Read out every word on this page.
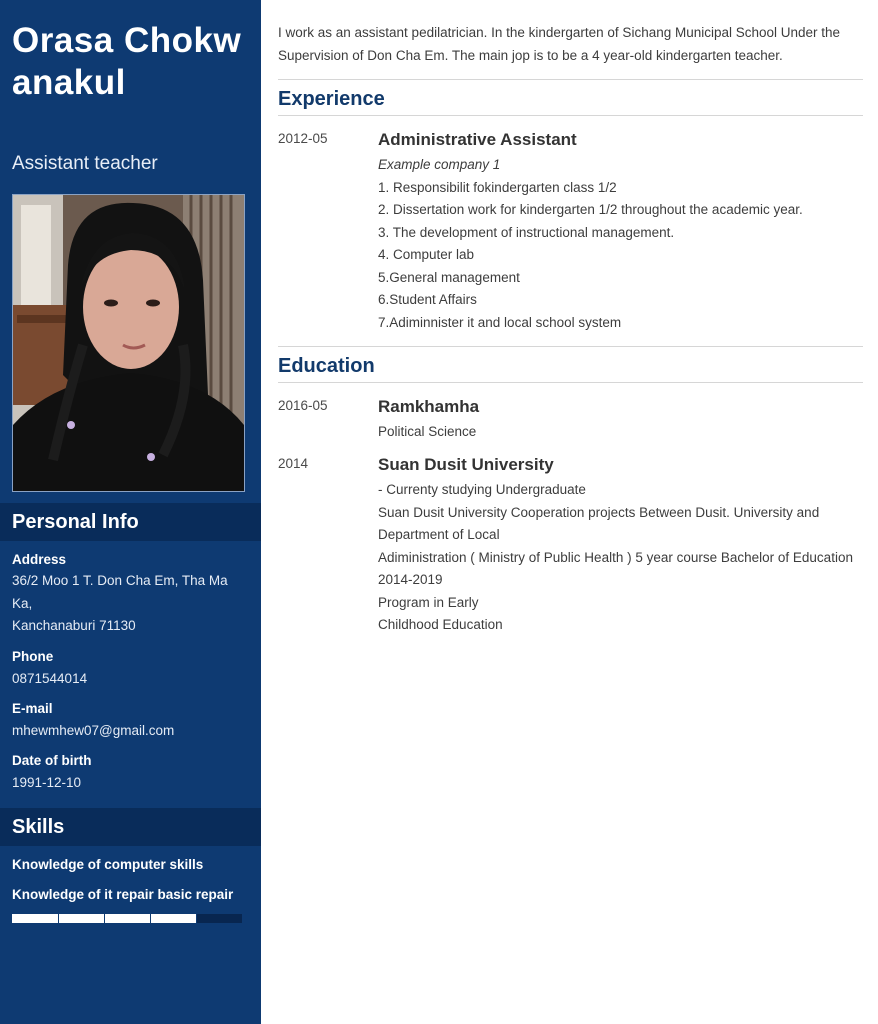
Orasa Chokwanakul
Assistant teacher
Personal Info
Address
36/2 Moo 1 T. Don Cha Em, Tha Ma
Ka,
Kanchanaburi 71130
Phone
0871544014
E-mail
mhewmhew07@gmail.com
Date of birth
1991-12-10
Skills
Knowledge of computer skills
Knowledge of it repair basic repair
I work as an assistant pedilatrician. In the kindergarten of Sichang Municipal School Under the Supervision of Don Cha Em. The main jop is to be a 4 year-old kindergarten teacher.
Experience
2012-05	Administrative Assistant
Example company 1
1. Responsibilit fokindergarten class 1/2
2. Dissertation work for kindergarten 1/2 throughout the academic year.
3. The development of instructional management.
4. Computer lab
5.General management
6.Student Affairs
7.Adiminnister it and local school system
Education
2016-05	Ramkhamha
Political Science
2014	Suan Dusit University
- Currenty studying Undergraduate
Suan Dusit University Cooperation projects Between Dusit. University and
Department of Local
Adiministration ( Ministry of Public Health ) 5 year course Bachelor of Education
2014-2019
Program in Early
Childhood Education
